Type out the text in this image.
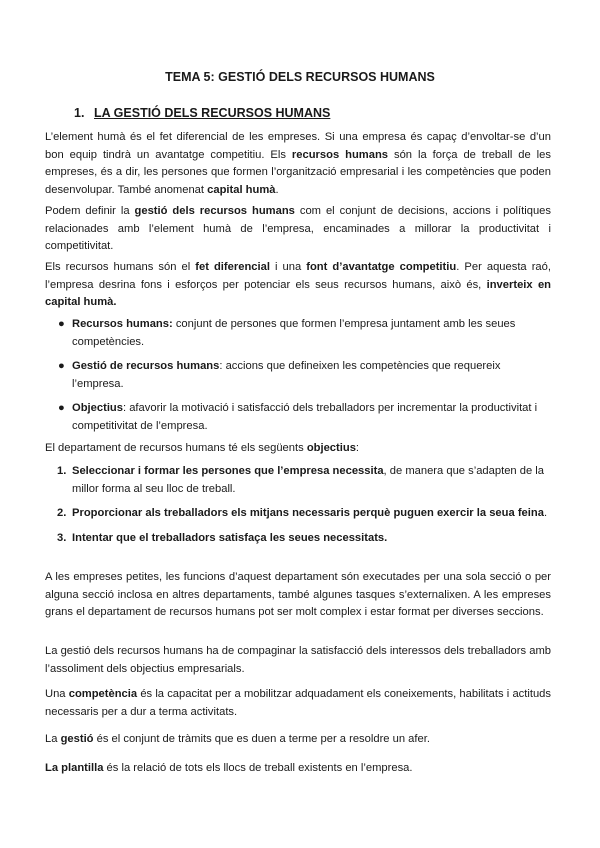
TEMA 5: GESTIÓ DELS RECURSOS HUMANS
1. LA GESTIÓ DELS RECURSOS HUMANS

L’element humà és el fet diferencial de les empreses. Si una empresa és capaç d’envoltar-se d’un bon equip tindrà un avantatge competitiu. Els recursos humans són la força de treball de les empreses, és a dir, les persones que formen l’organització empresarial i les competències que poden desenvolupar. També anomenat capital humà.

Podem definir la gestió dels recursos humans com el conjunt de decisions, accions i polítiques relacionades amb l’element humà de l’empresa, encaminades a millorar la productivitat i competitivitat.

Els recursos humans són el fet diferencial i una font d’avantatge competitiu. Per aquesta raó, l’empresa desrina fons i esforços per potenciar els seus recursos humans, això és, inverteix en capital humà.

● Recursos humans: conjunt de persones que formen l’empresa juntament amb les seues competències.
● Gestió de recursos humans: accions que defineixen les competències que requereix l’empresa.
● Objectius: afavorir la motivació i satisfacció dels treballadors per incrementar la productivitat i competitivitat de l’empresa.

El departament de recursos humans té els següents objectius:

1. Seleccionar i formar les persones que l’empresa necessita, de manera que s’adapten de la millor forma al seu lloc de treball.
2. Proporcionar als treballadors els mitjans necessaris perquè puguen exercir la seua feina.
3. Intentar que el treballadors satisfaça les seues necessitats.

A les empreses petites, les funcions d’aquest departament són executades per una sola secció o per alguna secció inclosa en altres departaments, també algunes tasques s’externalixen. A les empreses grans el departament de recursos humans pot ser molt complex i estar format per diverses seccions.

La gestió dels recursos humans ha de compaginar la satisfacció dels interessos dels treballadors amb l’assoliment dels objectius empresarials.

Una competència és la capacitat per a mobilitzar adquadament els coneixements, habilitats i actituds necessaris per a dur a terma activitats.

La gestió és el conjunt de tràmits que es duen a terme per a resoldre un afer.

La plantilla és la relació de tots els llocs de treball existents en l’empresa.
